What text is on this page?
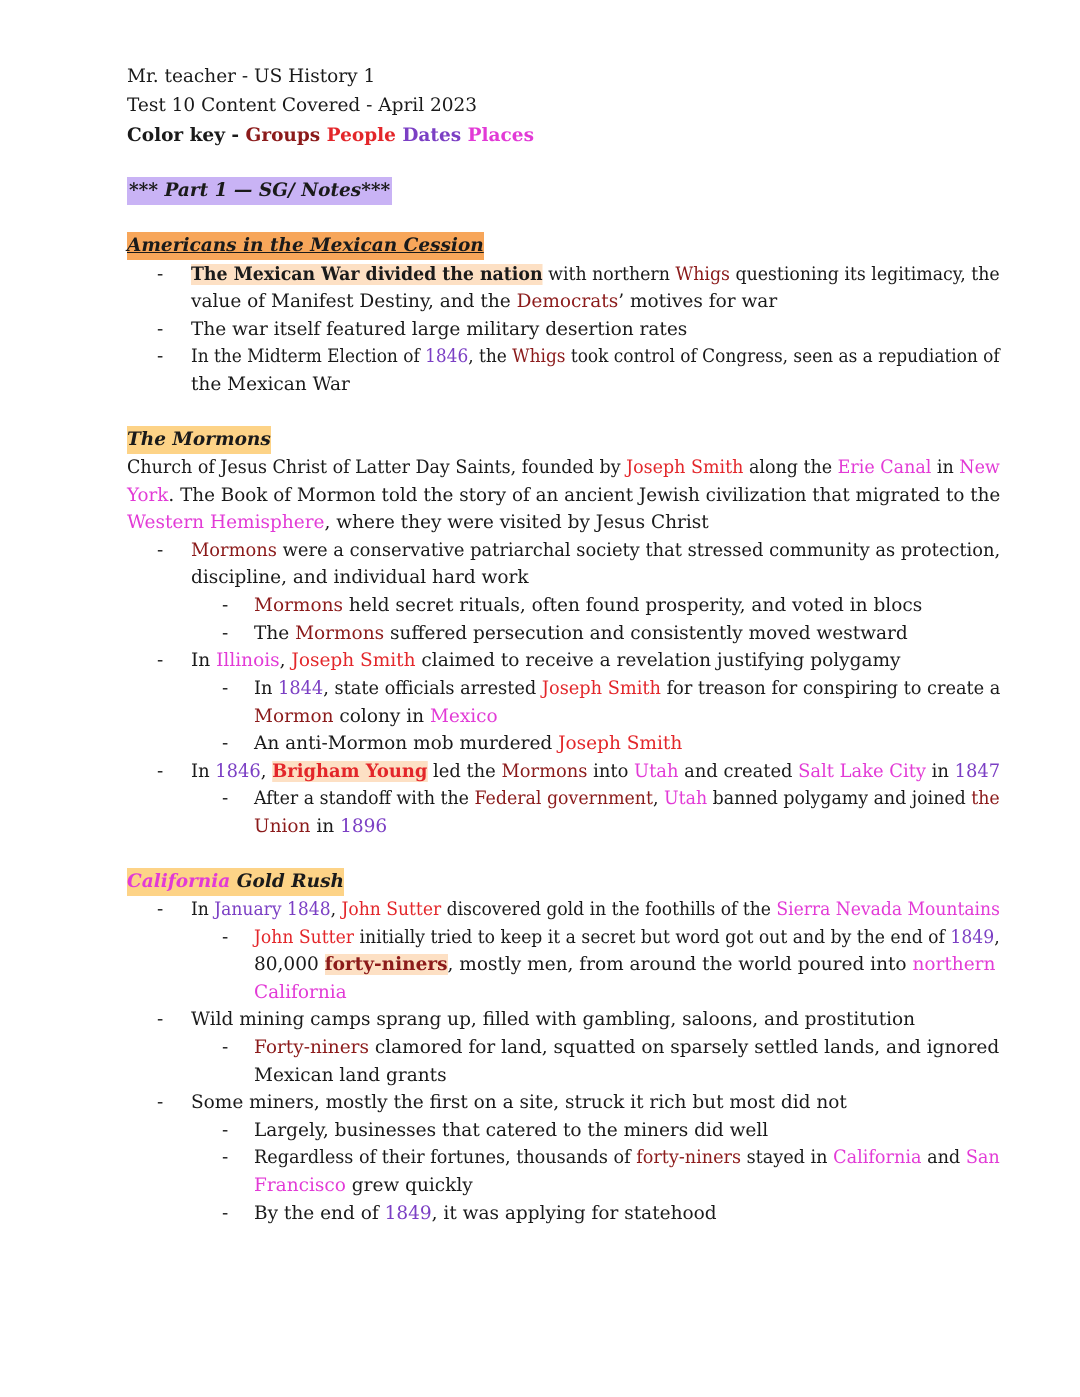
Mr. teacher - US History 1
Test 10 Content Covered - April 2023
Color key - Groups People Dates Places
*** Part 1 — SG/ Notes***
Americans in the Mexican Cession
- The Mexican War divided the nation with northern Whigs questioning its legitimacy, the
value of Manifest Destiny, and the Democrats’ motives for war
- The war itself featured large military desertion rates
- In the Midterm Election of 1846, the Whigs took control of Congress, seen as a repudiation of
the Mexican War
The Mormons
Church of Jesus Christ of Latter Day Saints, founded by Joseph Smith along the Erie Canal in New
York. The Book of Mormon told the story of an ancient Jewish civilization that migrated to the
Western Hemisphere, where they were visited by Jesus Christ
- Mormons were a conservative patriarchal society that stressed community as protection,
discipline, and individual hard work
- Mormons held secret rituals, often found prosperity, and voted in blocs
- The Mormons suffered persecution and consistently moved westward
- In Illinois, Joseph Smith claimed to receive a revelation justifying polygamy
- In 1844, state officials arrested Joseph Smith for treason for conspiring to create a
Mormon colony in Mexico
- An anti-Mormon mob murdered Joseph Smith
- In 1846, Brigham Young led the Mormons into Utah and created Salt Lake City in 1847
- After a standoff with the Federal government, Utah banned polygamy and joined the
Union in 1896
California Gold Rush
- In January 1848, John Sutter discovered gold in the foothills of the Sierra Nevada Mountains
- John Sutter initially tried to keep it a secret but word got out and by the end of 1849,
80,000 forty-niners, mostly men, from around the world poured into northern
California
- Wild mining camps sprang up, filled with gambling, saloons, and prostitution
- Forty-niners clamored for land, squatted on sparsely settled lands, and ignored
Mexican land grants
- Some miners, mostly the first on a site, struck it rich but most did not
- Largely, businesses that catered to the miners did well
- Regardless of their fortunes, thousands of forty-niners stayed in California and San
Francisco grew quickly
- By the end of 1849, it was applying for statehood
